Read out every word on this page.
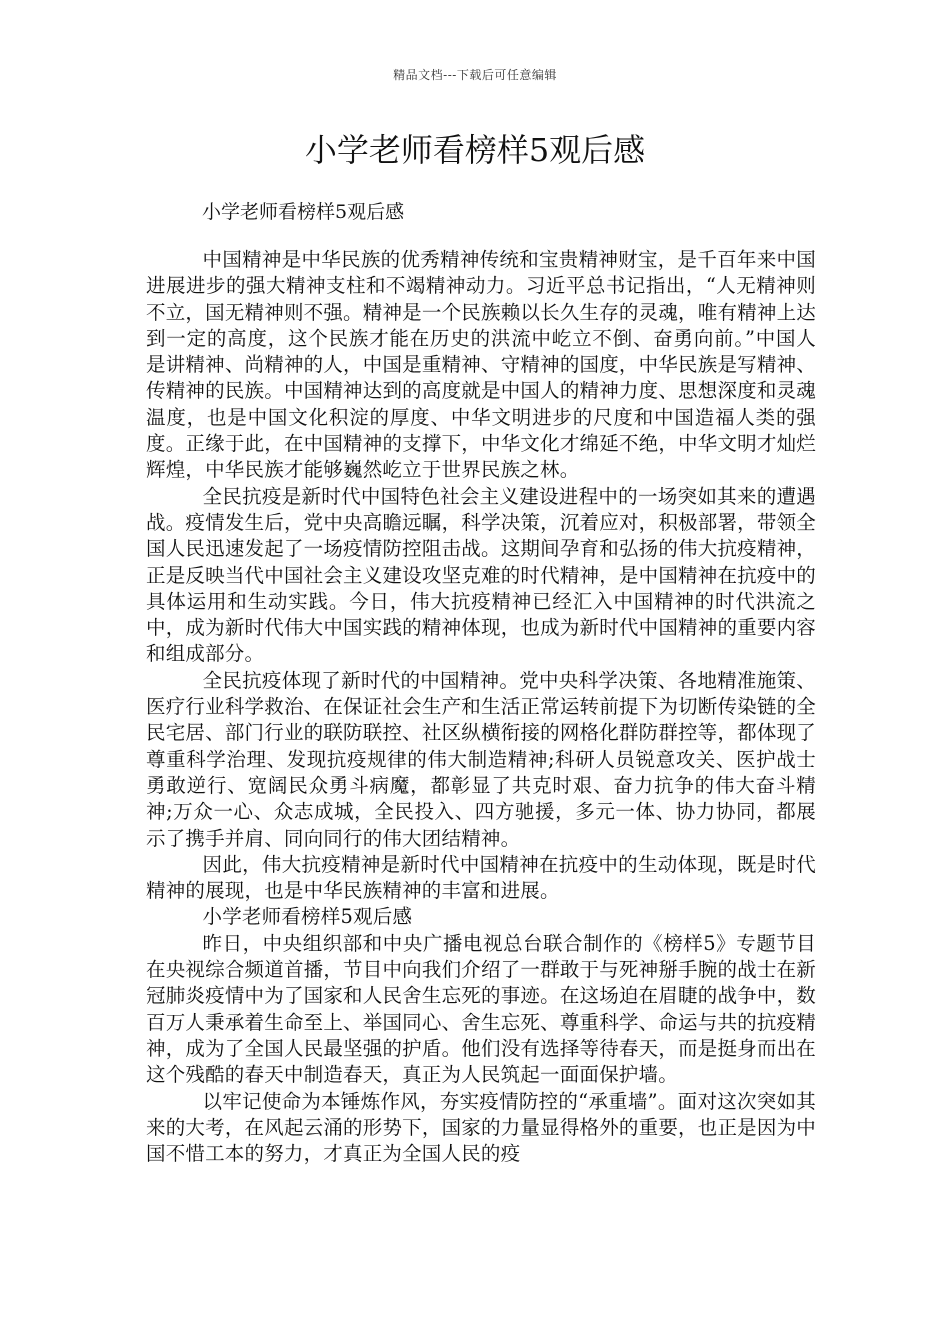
精品文档---下载后可任意编辑
小学老师看榜样5观后感
小学老师看榜样5观后感

中国精神是中华民族的优秀精神传统和宝贵精神财宝，是千百年来中国进展进步的强大精神支柱和不竭精神动力。习近平总书记指出，“人无精神则不立，国无精神则不强。精神是一个民族赖以长久生存的灵魂，唯有精神上达到一定的高度，这个民族才能在历史的洪流中屹立不倒、奋勇向前。”中国人是讲精神、尚精神的人，中国是重精神、守精神的国度，中华民族是写精神、传精神的民族。中国精神达到的高度就是中国人的精神力度、思想深度和灵魂温度，也是中国文化积淀的厚度、中华文明进步的尺度和中国造福人类的强度。正缘于此，在中国精神的支撑下，中华文化才绵延不绝，中华文明才灿烂辉煌，中华民族才能够巍然屹立于世界民族之林。

全民抗疫是新时代中国特色社会主义建设进程中的一场突如其来的遭遇战。疫情发生后，党中央高瞻远瞩，科学决策，沉着应对，积极部署，带领全国人民迅速发起了一场疫情防控阻击战。这期间孕育和弘扬的伟大抗疫精神，正是反映当代中国社会主义建设攻坚克难的时代精神，是中国精神在抗疫中的具体运用和生动实践。今日，伟大抗疫精神已经汇入中国精神的时代洪流之中，成为新时代伟大中国实践的精神体现，也成为新时代中国精神的重要内容和组成部分。

全民抗疫体现了新时代的中国精神。党中央科学决策、各地精准施策、医疗行业科学救治、在保证社会生产和生活正常运转前提下为切断传染链的全民宅居、部门行业的联防联控、社区纵横衔接的网格化群防群控等，都体现了尊重科学治理、发现抗疫规律的伟大制造精神;科研人员锐意攻关、医护战士勇敢逆行、宽阔民众勇斗病魔，都彰显了共克时艰、奋力抗争的伟大奋斗精神;万众一心、众志成城，全民投入、四方驰援，多元一体、协力协同，都展示了携手并肩、同向同行的伟大团结精神。

因此，伟大抗疫精神是新时代中国精神在抗疫中的生动体现，既是时代精神的展现，也是中华民族精神的丰富和进展。

小学老师看榜样5观后感

昨日，中央组织部和中央广播电视总台联合制作的《榜样5》专题节目在央视综合频道首播，节目中向我们介绍了一群敢于与死神掰手腕的战士在新冠肺炎疫情中为了国家和人民舍生忘死的事迹。在这场迫在眉睫的战争中，数百万人秉承着生命至上、举国同心、舍生忘死、尊重科学、命运与共的抗疫精神，成为了全国人民最坚强的护盾。他们没有选择等待春天，而是挺身而出在这个残酷的春天中制造春天，真正为人民筑起一面面保护墙。

以牢记使命为本锤炼作风，夯实疫情防控的“承重墙”。面对这次突如其来的大考，在风起云涌的形势下，国家的力量显得格外的重要，也正是因为中国不惜工本的努力，才真正为全国人民的疫
